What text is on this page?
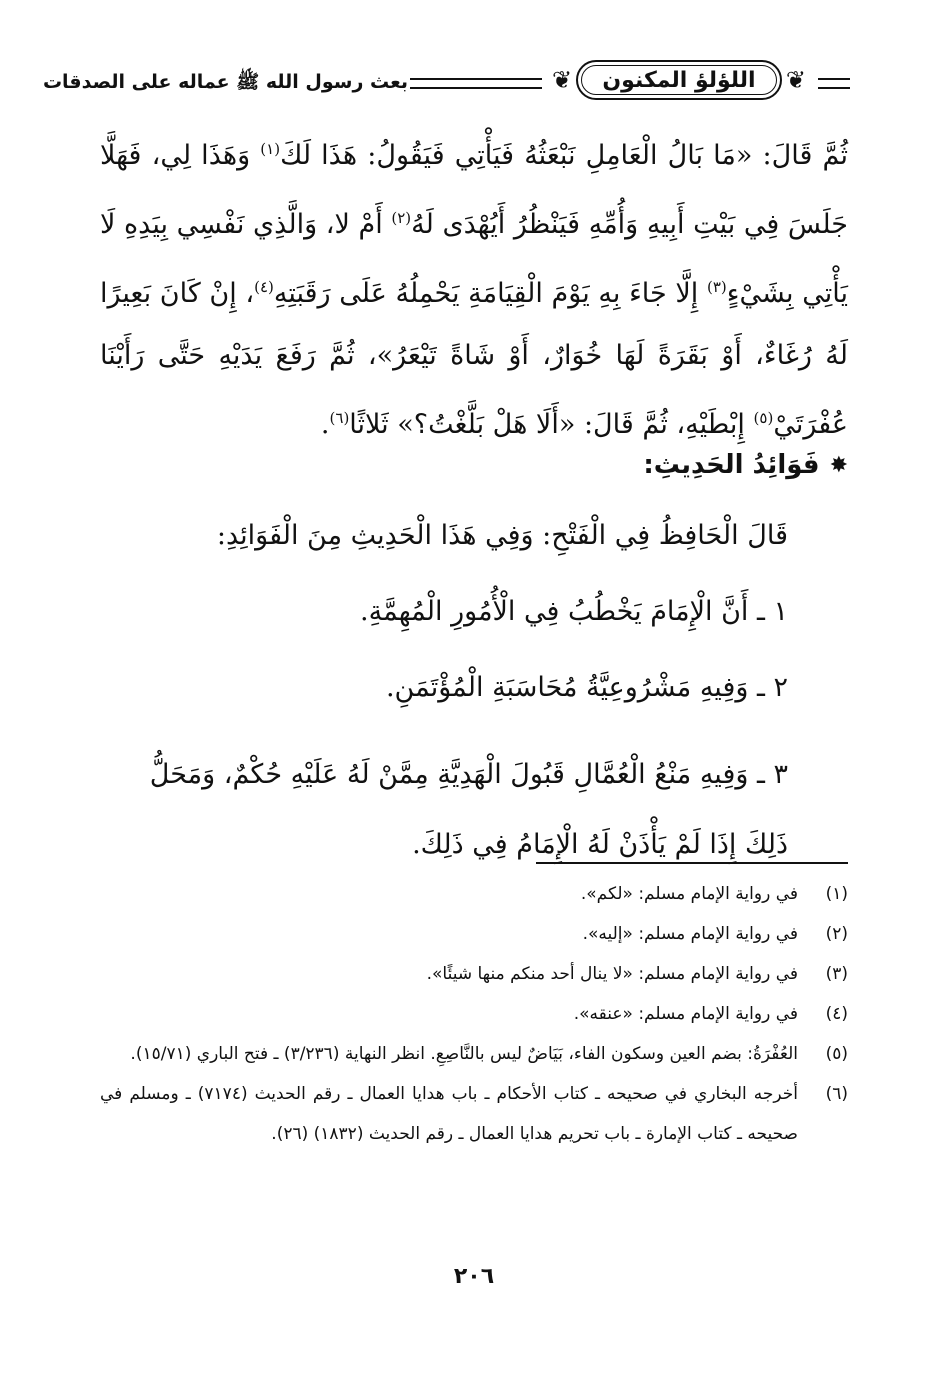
❦
اللؤلؤ المكنون
❦
بعث رسول الله ﷺ عماله على الصدقات

ثُمَّ قَالَ: «مَا بَالُ الْعَامِلِ نَبْعَثُهُ فَيَأْتِي فَيَقُولُ: هَذَا لَكَ$^{(١)}$ وَهَذَا لِي، فَهَلَّا جَلَسَ فِي بَيْتِ أَبِيهِ وَأُمِّهِ فَيَنْظُرُ أَيُهْدَى لَهُ$^{(٢)}$ أَمْ لا، وَالَّذِي نَفْسِي بِيَدِهِ لَا يَأْتِي بِشَيْءٍ$^{(٣)}$ إِلَّا جَاءَ بِهِ يَوْمَ الْقِيَامَةِ يَحْمِلُهُ عَلَى رَقَبَتِهِ$^{(٤)}$، إِنْ كَانَ بَعِيرًا لَهُ رُغَاءٌ، أَوْ بَقَرَةً لَهَا خُوَارٌ، أَوْ شَاةً تَيْعَرُ»، ثُمَّ رَفَعَ يَدَيْهِ حَتَّى رَأَيْنَا عُفْرَتَيْ$^{(٥)}$ إِبْطَيْهِ، ثُمَّ قَالَ: «أَلَا هَلْ بَلَّغْتُ؟» ثَلاثًا$^{(٦)}$.

✸
فَوَائِدُ الحَدِيثِ:
قَالَ الْحَافِظُ فِي الْفَتْحِ: وَفِي هَذَا الْحَدِيثِ مِنَ الْفَوَائِدِ:
١ ـ أَنَّ الْإِمَامَ يَخْطُبُ فِي الْأُمُورِ الْمُهِمَّةِ.
٢ ـ وَفِيهِ مَشْرُوعِيَّةُ مُحَاسَبَةِ الْمُؤْتَمَنِ.
٣ ـ وَفِيهِ مَنْعُ الْعُمَّالِ قَبُولَ الْهَدِيَّةِ مِمَّنْ لَهُ عَلَيْهِ حُكْمٌ، وَمَحَلُّ ذَلِكَ إِذَا لَمْ يَأْذَنْ لَهُ الْإِمَامُ فِي ذَلِكَ.
(١)
في رواية الإمام مسلم: «لكم».
(٢)
في رواية الإمام مسلم: «إليه».
(٣)
في رواية الإمام مسلم: «لا ينال أحد منكم منها شيئًا».
(٤)
في رواية الإمام مسلم: «عنقه».
(٥)
العُفْرَةُ: بضم العين وسكون الفاء، بَيَاضٌ ليس بالنَّاصِعِ. انظر النهاية (٣/٢٣٦) ـ فتح الباري (١٥/٧١).
(٦)
أخرجه البخاري في صحيحه ـ كتاب الأحكام ـ باب هدايا العمال ـ رقم الحديث (٧١٧٤) ـ ومسلم في صحيحه ـ كتاب الإمارة ـ باب تحريم هدايا العمال ـ رقم الحديث (١٨٣٢) (٢٦).
٢٠٦
